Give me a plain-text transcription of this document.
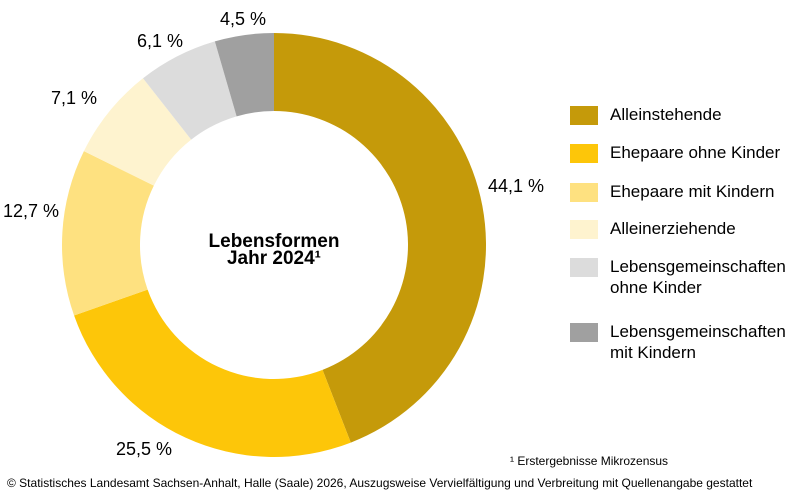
44,1 %
25,5 %
12,7 %
7,1 %
6,1 %
4,5 %
Lebensformen
Jahr 2024¹
Alleinstehende
Ehepaare ohne Kinder
Ehepaare mit Kindern
Alleinerziehende
Lebensgemeinschaften ohne Kinder
Lebensgemeinschaften mit Kindern
¹ Erstergebnisse Mikrozensus
© Statistisches Landesamt Sachsen-Anhalt, Halle (Saale) 2026, Auszugsweise Vervielfältigung und Verbreitung mit Quellenangabe gestattet
